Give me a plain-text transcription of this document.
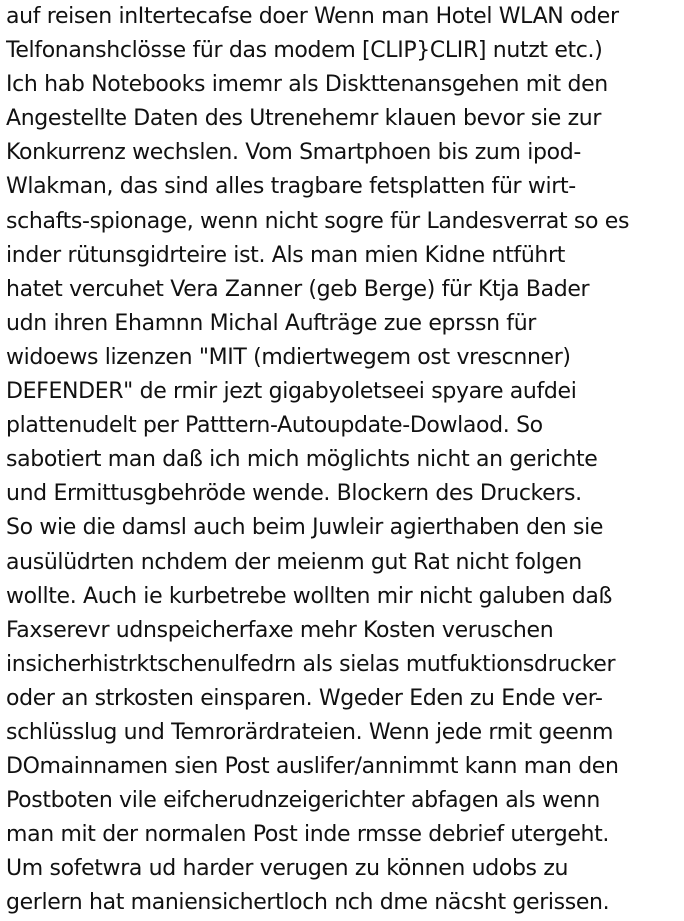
auf reisen inItertecafse doer Wenn man Hotel WLAN oder
Telfonanshclösse für das modem [CLIP}CLIR] nutzt etc.)
Ich hab Notebooks imemr als Diskttenansgehen mit den
Angestellte Daten des Utrenehemr klauen bevor sie zur
Konkurrenz wechslen. Vom Smartphoen bis zum ipod-
Wlakman, das sind alles tragbare fetsplatten für wirt-
schafts-spionage, wenn nicht sogre für Landesverrat so es
inder rütunsgidrteire ist. Als man mien Kidne ntführt
hatet vercuhet Vera Zanner (geb Berge) für Ktja Bader
udn ihren Ehamnn Michal Aufträge zue eprssn für
widoews lizenzen "MIT (mdiertwegem ost vrescnner)
DEFENDER" de rmir jezt gigabyoletseei spyare aufdei
plattenudelt per Patttern-Autoupdate-Dowlaod. So
sabotiert man daß ich mich möglichts nicht an gerichte
und Ermittusgbehröde wende. Blockern des Druckers.
So wie die damsl auch beim Juwleir agierthaben den sie
ausülüdrten nchdem der meienm gut Rat nicht folgen
wollte. Auch ie kurbetrebe wollten mir nicht galuben daß
Faxserevr udnspeicherfaxe mehr Kosten veruschen
insicherhistrktschenulfedrn als sielas mutfuktionsdrucker
oder an strkosten einsparen. Wgeder Eden zu Ende ver-
schlüsslug und Temrorärdrateien. Wenn jede rmit geenm
DOmainnamen sien Post auslifer/annimmt kann man den
Postboten vile eifcherudnzeigerichter abfagen als wenn
man mit der normalen Post inde rmsse debrief utergeht.
Um sofetwra ud harder verugen zu können udobs zu
gerlern hat maniensichertloch nch dme näcsht gerissen.
